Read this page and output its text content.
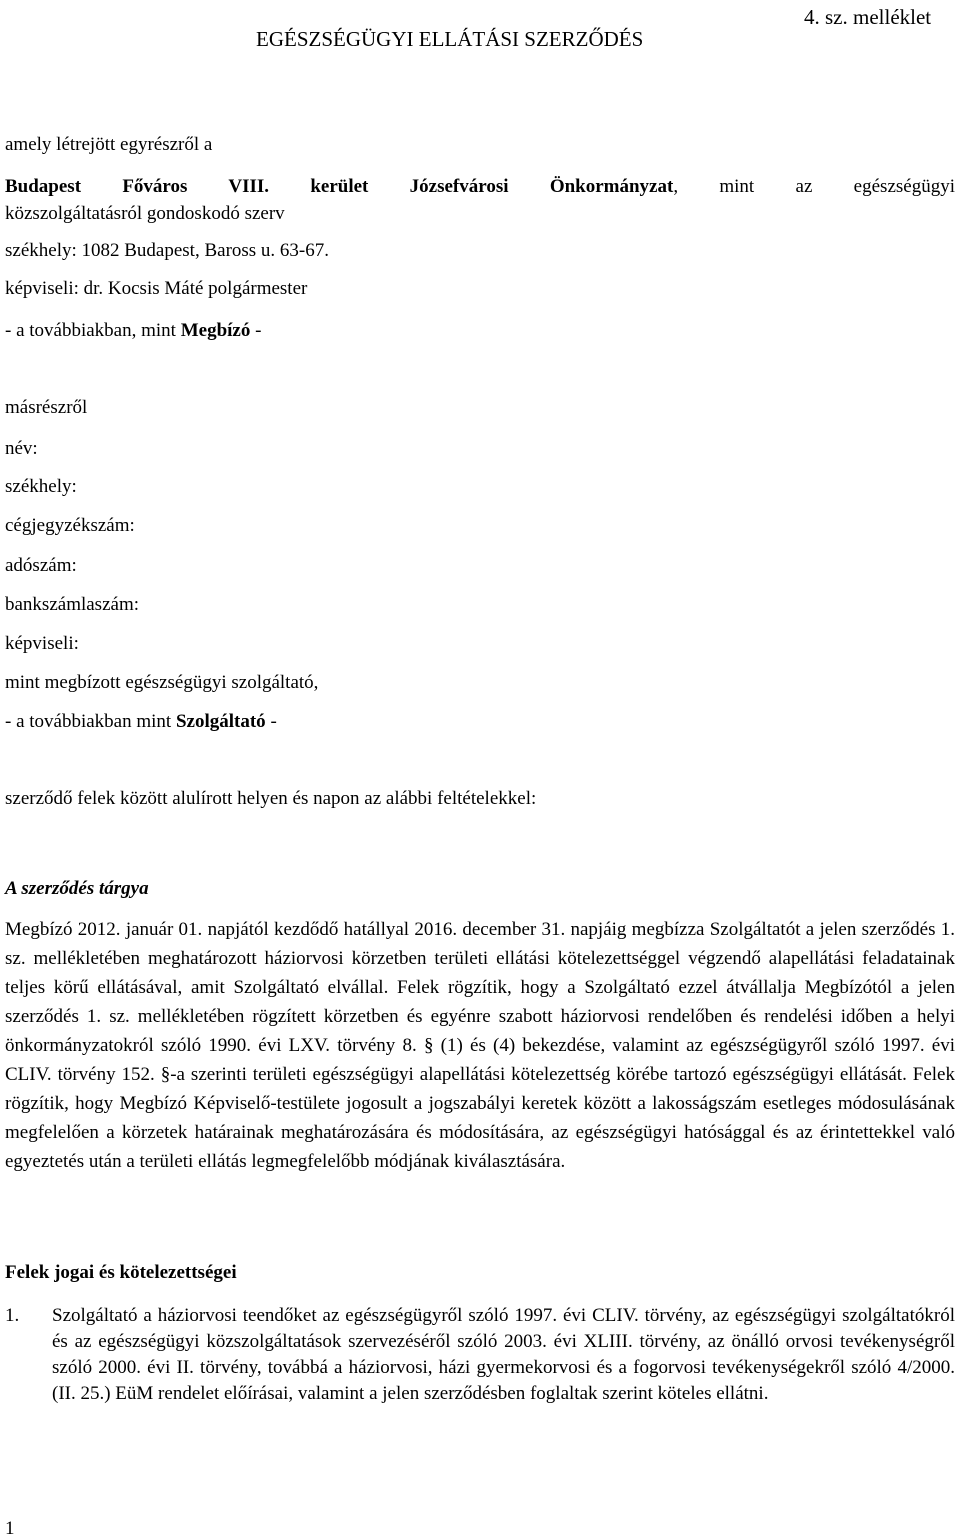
EGÉSZSÉGÜGYI ELLÁTÁSI SZERZŐDÉS
4. sz. melléklet
amely létrejött egyrészről a
Budapest Főváros VIII. kerület Józsefvárosi Önkormányzat, mint az egészségügyi
közszolgáltatásról gondoskodó szerv
székhely: 1082 Budapest, Baross u. 63-67.
képviseli: dr. Kocsis Máté polgármester
- a továbbiakban, mint Megbízó -
másrészről
név:
székhely:
cégjegyzékszám:
adószám:
bankszámlaszám:
képviseli:
mint megbízott egészségügyi szolgáltató,
- a továbbiakban mint Szolgáltató -
szerződő felek között alulírott helyen és napon az alábbi feltételekkel:
A szerződés tárgya
Megbízó 2012. január 01. napjától kezdődő hatállyal 2016. december 31. napjáig megbízza Szolgáltatót a jelen szerződés 1. sz. mellékletében meghatározott háziorvosi körzetben területi ellátási kötelezettséggel végzendő alapellátási feladatainak teljes körű ellátásával, amit Szolgáltató elvállal. Felek rögzítik, hogy a Szolgáltató ezzel átvállalja Megbízótól a jelen szerződés 1. sz. mellékletében rögzített körzetben és egyénre szabott háziorvosi rendelőben és rendelési időben a helyi önkormányzatokról szóló 1990. évi LXV. törvény 8. § (1) és (4) bekezdése, valamint az egészségügyről szóló 1997. évi CLIV. törvény 152. §-a szerinti területi egészségügyi alapellátási kötelezettség körébe tartozó egészségügyi ellátását. Felek rögzítik, hogy Megbízó Képviselő-testülete jogosult a jogszabályi keretek között a lakosságszám esetleges módosulásának megfelelően a körzetek határainak meghatározására és módosítására, az egészségügyi hatósággal és az érintettekkel való egyeztetés után a területi ellátás legmegfelelőbb módjának kiválasztására.
Felek jogai és kötelezettségei
1. Szolgáltató a háziorvosi teendőket az egészségügyről szóló 1997. évi CLIV. törvény, az egészségügyi szolgáltatókról és az egészségügyi közszolgáltatások szervezéséről szóló 2003. évi XLIII. törvény, az önálló orvosi tevékenységről szóló 2000. évi II. törvény, továbbá a háziorvosi, házi gyermekorvosi és a fogorvosi tevékenységekről szóló 4/2000. (II. 25.) EüM rendelet előírásai, valamint a jelen szerződésben foglaltak szerint köteles ellátni.
1
